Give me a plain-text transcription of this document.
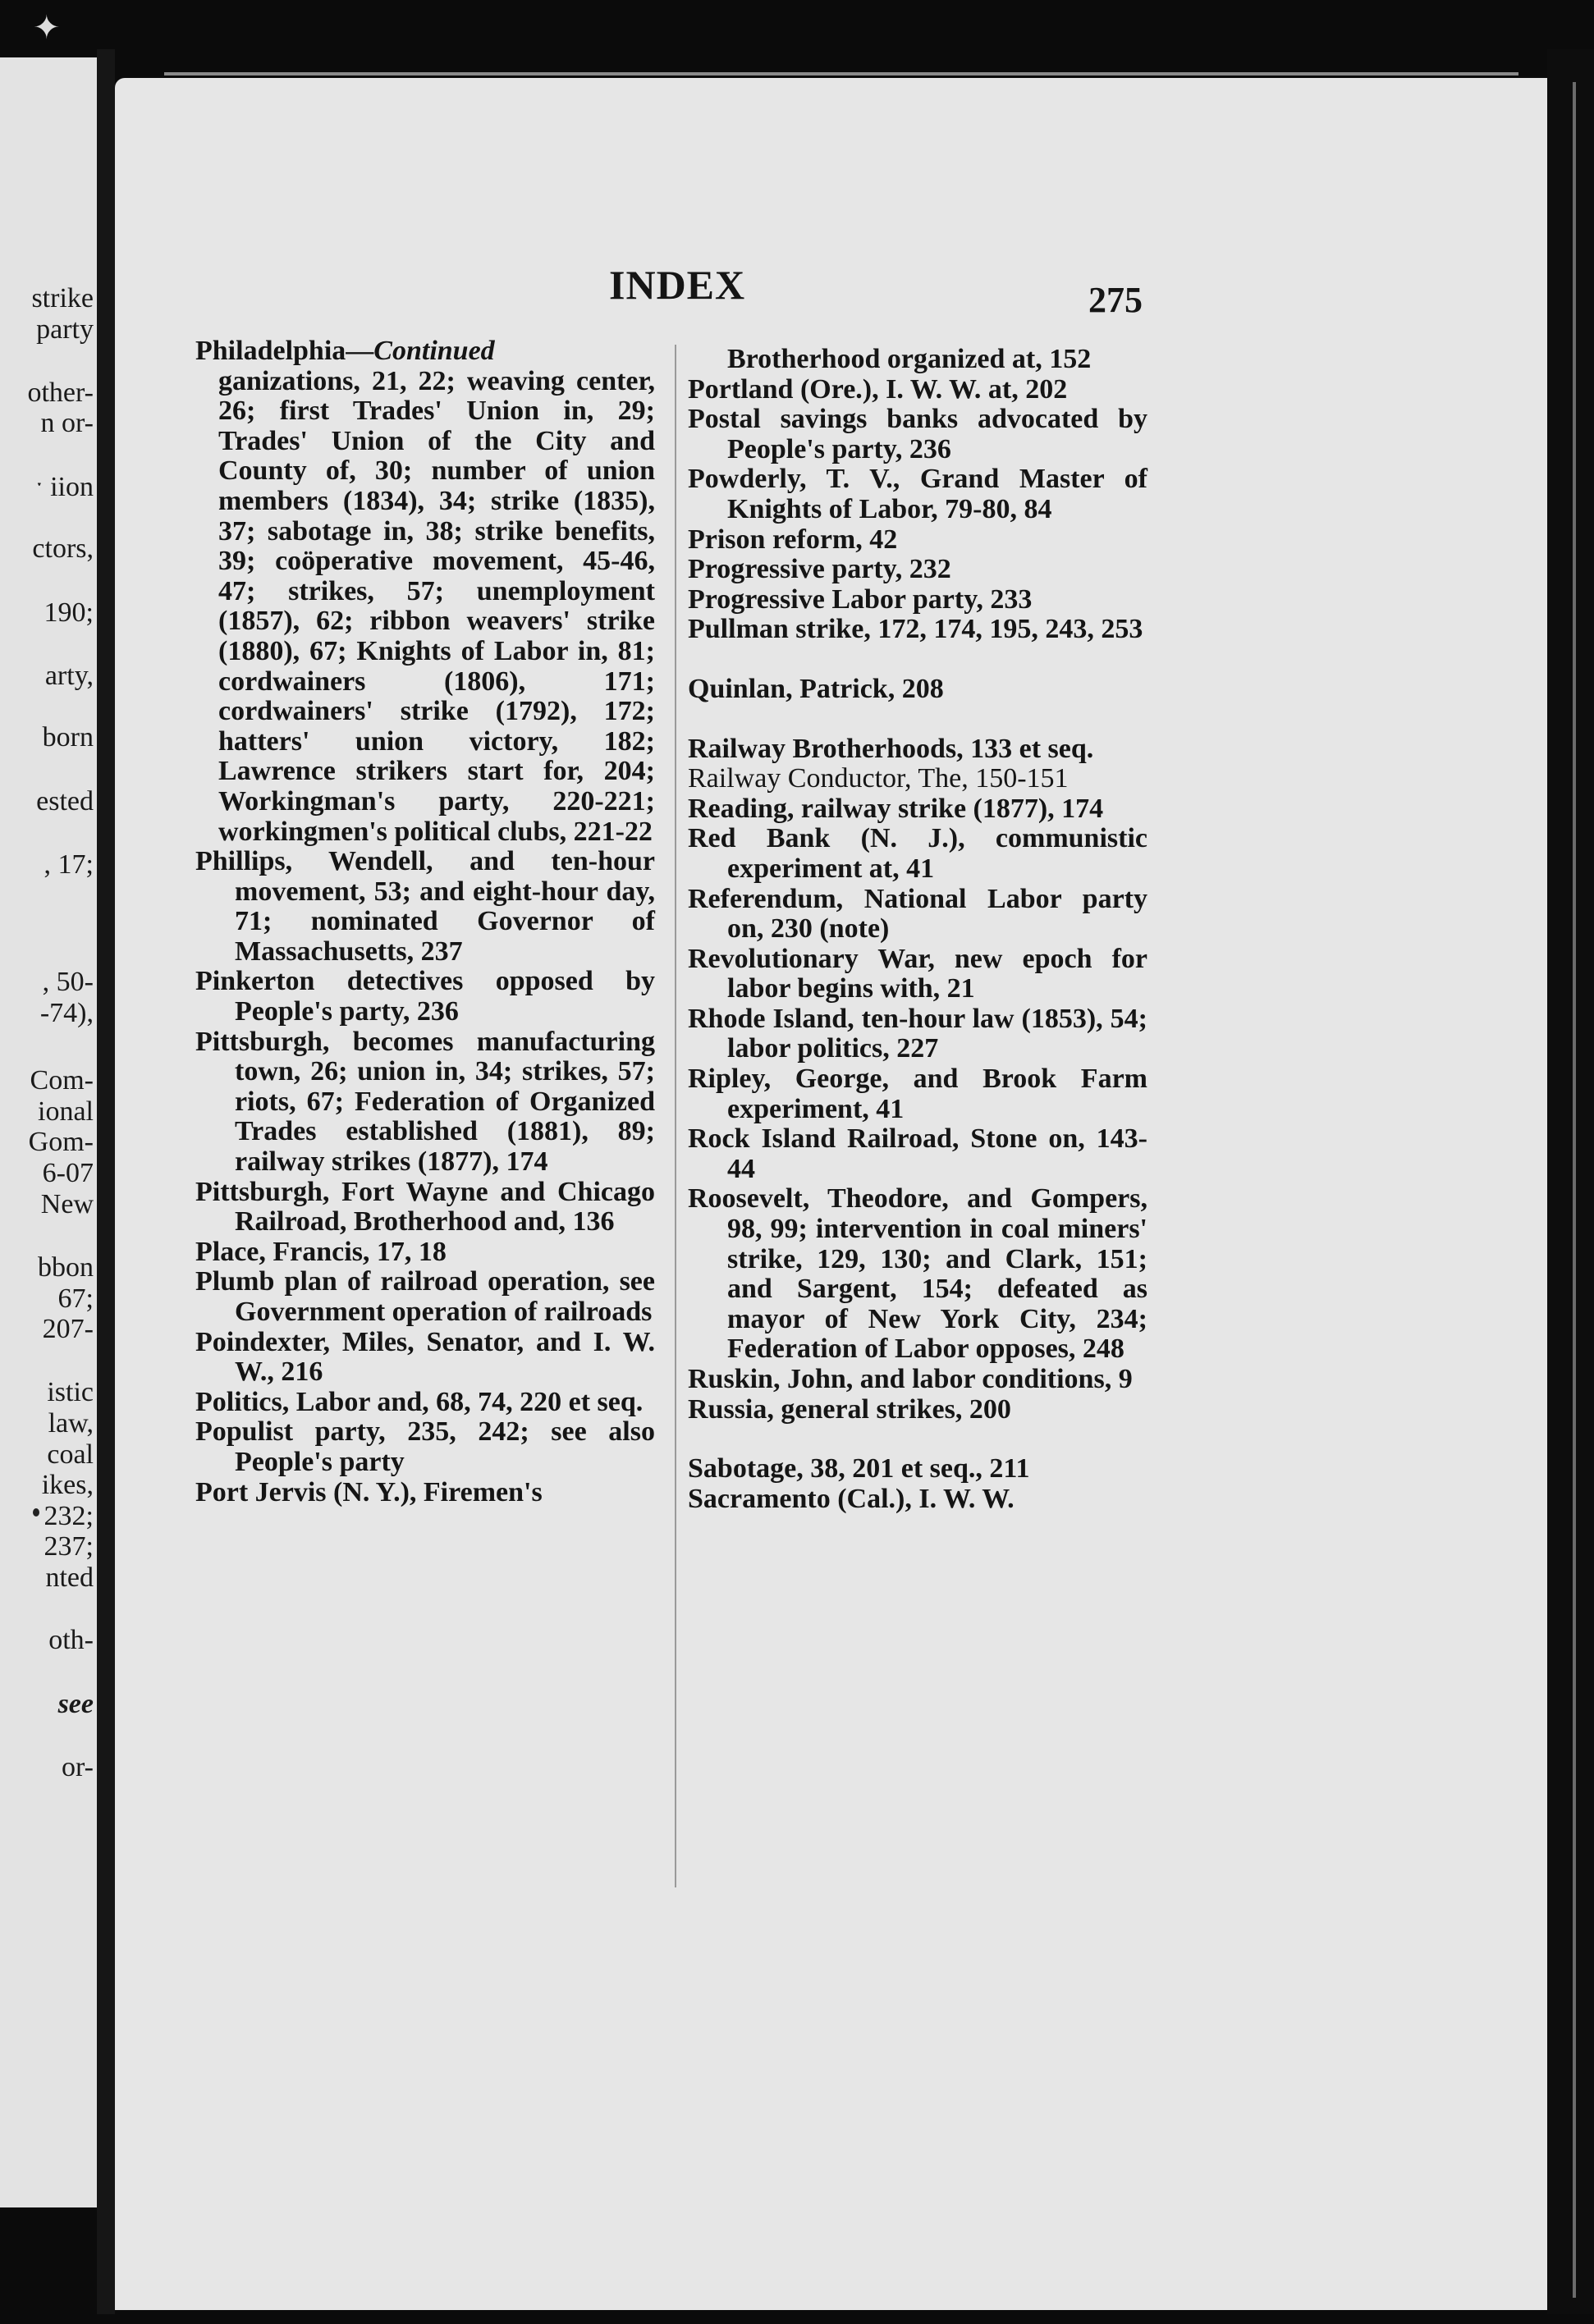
✦
strike
party
other-
n or-
ˑ iion
ctors,
190;
arty,
born
ested
, 17;
, 50-
-74),
Com-
ional
Gom-
6-07
New
bbon
67;
207-
istic
law,
coal
ikes,
232;
237;
nted
oth-
see
or-
INDEX	275
Philadelphia—Continued
ganizations, 21, 22; weaving center, 26; first Trades' Union in, 29; Trades' Union of the City and County of, 30; number of union members (1834), 34; strike (1835), 37; sabotage in, 38; strike benefits, 39; coöperative movement, 45-46, 47; strikes, 57; unemployment (1857), 62; ribbon weavers' strike (1880), 67; Knights of Labor in, 81; cordwainers (1806), 171; cordwainers' strike (1792), 172; hatters' union victory, 182; Lawrence strikers start for, 204; Workingman's party, 220-221; workingmen's political clubs, 221-22
Phillips, Wendell, and ten-hour movement, 53; and eight-hour day, 71; nominated Governor of Massachusetts, 237
Pinkerton detectives opposed by People's party, 236
Pittsburgh, becomes manufacturing town, 26; union in, 34; strikes, 57; riots, 67; Federation of Organized Trades established (1881), 89; railway strikes (1877), 174
Pittsburgh, Fort Wayne and Chicago Railroad, Brotherhood and, 136
Place, Francis, 17, 18
Plumb plan of railroad operation, see Government operation of railroads
Poindexter, Miles, Senator, and I. W. W., 216
Politics, Labor and, 68, 74, 220 et seq.
Populist party, 235, 242; see also People's party
Port Jervis (N. Y.), Firemen's
Brotherhood organized at, 152
Portland (Ore.), I. W. W. at, 202
Postal savings banks advocated by People's party, 236
Powderly, T. V., Grand Master of Knights of Labor, 79-80, 84
Prison reform, 42
Progressive party, 232
Progressive Labor party, 233
Pullman strike, 172, 174, 195, 243, 253
Quinlan, Patrick, 208
Railway Brotherhoods, 133 et seq.
Railway Conductor, The, 150-151
Reading, railway strike (1877), 174
Red Bank (N. J.), communistic experiment at, 41
Referendum, National Labor party on, 230 (note)
Revolutionary War, new epoch for labor begins with, 21
Rhode Island, ten-hour law (1853), 54; labor politics, 227
Ripley, George, and Brook Farm experiment, 41
Rock Island Railroad, Stone on, 143-44
Roosevelt, Theodore, and Gompers, 98, 99; intervention in coal miners' strike, 129, 130; and Clark, 151; and Sargent, 154; defeated as mayor of New York City, 234; Federation of Labor opposes, 248
Ruskin, John, and labor conditions, 9
Russia, general strikes, 200
Sabotage, 38, 201 et seq., 211
Sacramento (Cal.), I. W. W.
